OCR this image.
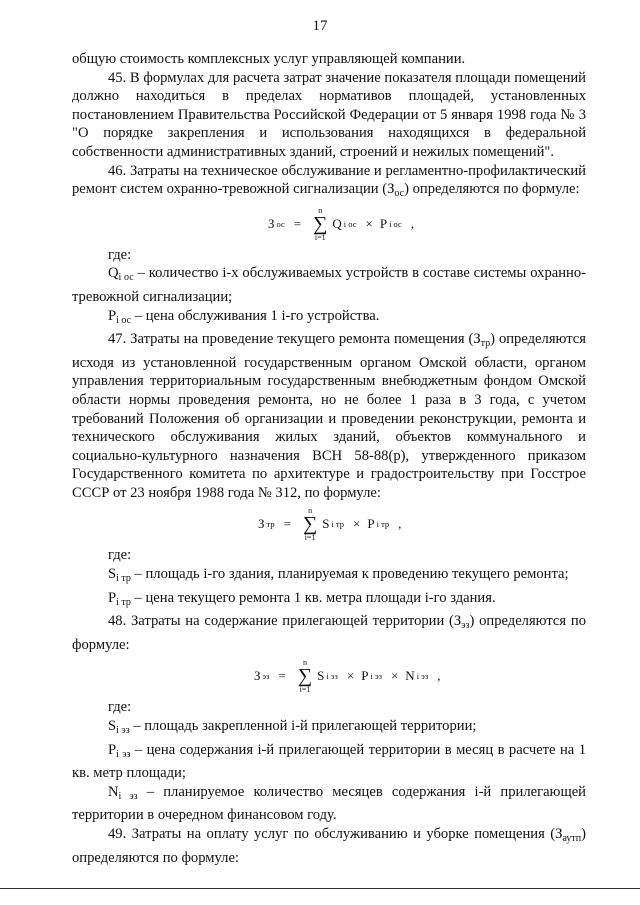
17

общую стоимость комплексных услуг управляющей компании.

45. В формулах для расчета затрат значение показателя площади помещений должно находиться в пределах нормативов площадей, установленных постановлением Правительства Российской Федерации от 5 января 1998 года № 3 "О порядке закрепления и использования находящихся в федеральной собственности административных зданий, строений и нежилых помещений".

46. Затраты на техническое обслуживание и регламентно-профилактический ремонт систем охранно-тревожной сигнализации $(З_{ос})$ определяются по формуле:

З ос =
n
∑
i=1
Q i ос × P i ос ,

где:

$Q_{i ос}$ – количество i-х обслуживаемых устройств в составе системы охранно-тревожной сигнализации;

$P_{i ос}$ – цена обслуживания 1 i-го устройства.

47. Затраты на проведение текущего ремонта помещения $(З_{тр})$ определяются исходя из установленной государственным органом Омской области, органом управления территориальным государственным внебюджетным фондом Омской области нормы проведения ремонта, но не более 1 раза в 3 года, с учетом требований Положения об организации и проведении реконструкции, ремонта и технического обслуживания жилых зданий, объектов коммунального и социально-культурного назначения ВСН 58-88(р), утвержденного приказом Государственного комитета по архитектуре и градостроительству при Госстрое СССР от 23 ноября 1988 года № 312, по формуле:

З тр =
n
∑
i=1
S i тр × P i тр ,

где:

$S_{i тр}$ – площадь i-го здания, планируемая к проведению текущего ремонта;

$P_{i тр}$ – цена текущего ремонта 1 кв. метра площади i-го здания.

48. Затраты на содержание прилегающей территории $(З_{эз})$ определяются по формуле:

З эз =
n
∑
i=1
S i эз × P i эз × N i эз ,

где:

$S_{i эз}$ – площадь закрепленной i-й прилегающей территории;

$P_{i эз}$ – цена содержания i-й прилегающей территории в месяц в расчете на 1 кв. метр площади;

$N_{i эз}$ – планируемое количество месяцев содержания i-й прилегающей территории в очередном финансовом году.

49. Затраты на оплату услуг по обслуживанию и уборке помещения $(З_{аутп})$ определяются по формуле:
